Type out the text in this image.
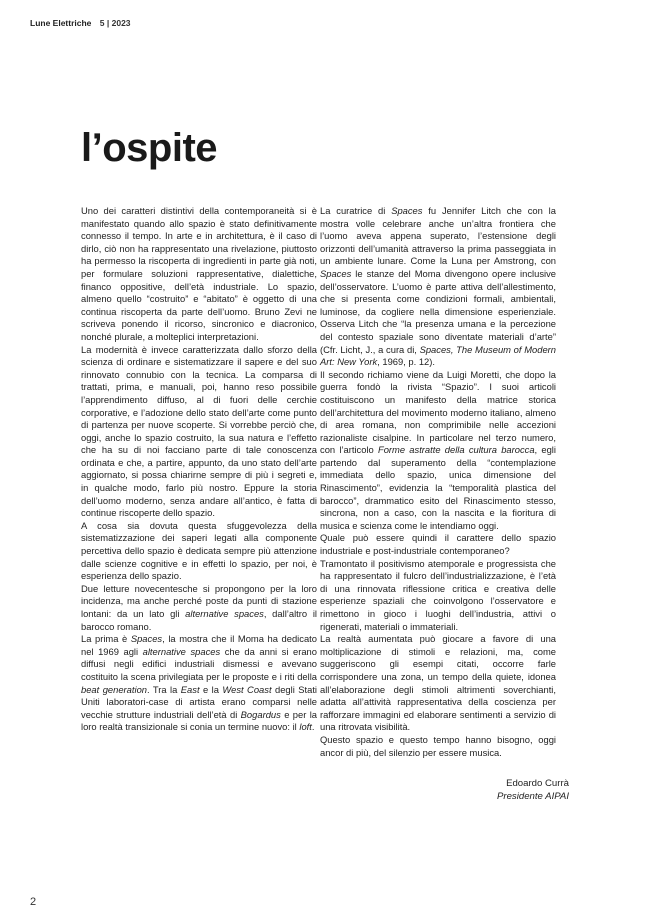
Lune Elettriche 5 | 2023
l’ospite

Uno dei caratteri distintivi della contemporaneità si è manifestato quando allo spazio è stato definitivamente connesso il tempo. In arte e in architettura, è il caso di dirlo, ciò non ha rappresentato una rivelazione, piuttosto ha permesso la riscoperta di ingredienti in parte già noti, per formulare soluzioni rappresentative, dialettiche, financo oppositive, dell’età industriale. Lo spazio, almeno quello “costruito” e “abitato” è oggetto di una continua riscoperta da parte dell’uomo. Bruno Zevi ne scriveva ponendo il ricorso, sincronico e diacronico, nonché plurale, a molteplici interpretazioni.

La modernità è invece caratterizzata dallo sforzo della scienza di ordinare e sistematizzare il sapere e del suo rinnovato connubio con la tecnica. La comparsa di trattati, prima, e manuali, poi, hanno reso possibile l’apprendimento diffuso, al di fuori delle cerchie corporative, e l’adozione dello stato dell’arte come punto di partenza per nuove scoperte. Si vorrebbe perciò che, oggi, anche lo spazio costruito, la sua natura e l’effetto che ha su di noi facciano parte di tale conoscenza ordinata e che, a partire, appunto, da uno stato dell’arte aggiornato, si possa chiarirne sempre di più i segreti e, in qualche modo, farlo più nostro. Eppure la storia dell’uomo moderno, senza andare all’antico, è fatta di continue riscoperte dello spazio.

A cosa sia dovuta questa sfuggevolezza della sistematizzazione dei saperi legati alla componente percettiva dello spazio è dedicata sempre più attenzione dalle scienze cognitive e in effetti lo spazio, per noi, è esperienza dello spazio.

Due letture novecentesche si propongono per la loro incidenza, ma anche perché poste da punti di stazione lontani: da un lato gli alternative spaces, dall’altro il barocco romano.

La prima è Spaces, la mostra che il Moma ha dedicato nel 1969 agli alternative spaces che da anni si erano diffusi negli edifici industriali dismessi e avevano costituito la scena privilegiata per le proposte e i riti della beat generation. Tra la East e la West Coast degli Stati Uniti laboratori-case di artista erano comparsi nelle vecchie strutture industriali dell’età di Bogardus e per la loro realtà transizionale si conia un termine nuovo: il loft.

La curatrice di Spaces fu Jennifer Litch che con la mostra volle celebrare anche un’altra frontiera che l’uomo aveva appena superato, l’estensione degli orizzonti dell’umanità attraverso la prima passeggiata in un ambiente lunare. Come la Luna per Amstrong, con Spaces le stanze del Moma divengono opere inclusive dell’osservatore. L’uomo è parte attiva dell’allestimento, che si presenta come condizioni formali, ambientali, luminose, da cogliere nella dimensione esperienziale. Osserva Litch che “la presenza umana e la percezione del contesto spaziale sono diventate materiali d’arte” (Cfr. Licht, J., a cura di, Spaces, The Museum of Modern Art: New York, 1969, p. 12).

Il secondo richiamo viene da Luigi Moretti, che dopo la guerra fondò la rivista “Spazio”. I suoi articoli costituiscono un manifesto della matrice storica dell’architettura del movimento moderno italiano, almeno di area romana, non comprimibile nelle accezioni razionaliste cisalpine. In particolare nel terzo numero, con l’articolo Forme astratte della cultura barocca, egli partendo dal superamento della “contemplazione immediata dello spazio, unica dimensione del Rinascimento”, evidenzia la “temporalità plastica del barocco”, drammatico esito del Rinascimento stesso, sincrona, non a caso, con la nascita e la fioritura di musica e scienza come le intendiamo oggi.

Quale può essere quindi il carattere dello spazio industriale e post-industriale contemporaneo?

Tramontato il positivismo atemporale e progressista che ha rappresentato il fulcro dell’industrializzazione, è l’età di una rinnovata riflessione critica e creativa delle esperienze spaziali che coinvolgono l’osservatore e rimettono in gioco i luoghi dell’industria, attivi o rigenerati, materiali o immateriali.

La realtà aumentata può giocare a favore di una moltiplicazione di stimoli e relazioni, ma, come suggeriscono gli esempi citati, occorre farle corrispondere una zona, un tempo della quiete, idonea all’elaborazione degli stimoli altrimenti soverchianti, adatta all’attività rappresentativa della coscienza per rafforzare immagini ed elaborare sentimenti a servizio di una ritrovata visibilità.

Questo spazio e questo tempo hanno bisogno, oggi ancor di più, del silenzio per essere musica.

Edoardo Currà
Presidente AIPAI
2
